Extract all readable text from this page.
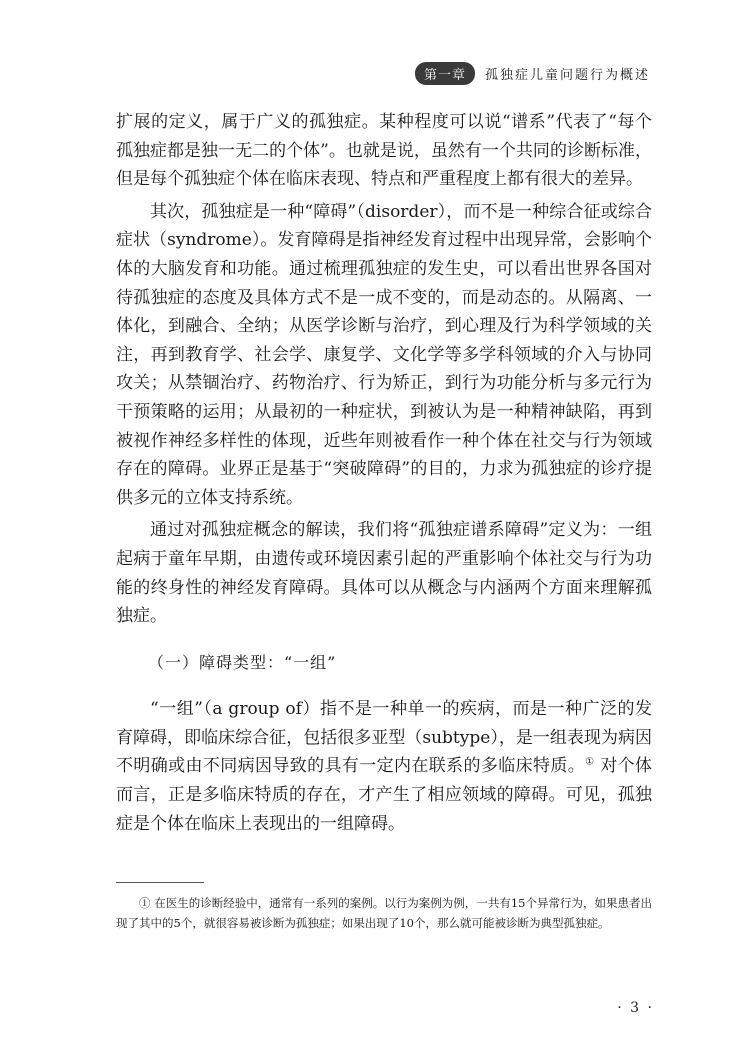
第一章	孤独症儿童问题行为概述

扩展的定义，属于广义的孤独症。某种程度可以说“谱系”代表了“每个孤独症都是独一无二的个体”。也就是说，虽然有一个共同的诊断标准，但是每个孤独症个体在临床表现、特点和严重程度上都有很大的差异。

其次，孤独症是一种“障碍”（disorder），而不是一种综合征或综合症状（syndrome）。发育障碍是指神经发育过程中出现异常，会影响个体的大脑发育和功能。通过梳理孤独症的发生史，可以看出世界各国对待孤独症的态度及具体方式不是一成不变的，而是动态的。从隔离、一体化，到融合、全纳；从医学诊断与治疗，到心理及行为科学领域的关注，再到教育学、社会学、康复学、文化学等多学科领域的介入与协同攻关；从禁锢治疗、药物治疗、行为矫正，到行为功能分析与多元行为干预策略的运用；从最初的一种症状，到被认为是一种精神缺陷，再到被视作神经多样性的体现，近些年则被看作一种个体在社交与行为领域存在的障碍。业界正是基于“突破障碍”的目的，力求为孤独症的诊疗提供多元的立体支持系统。

通过对孤独症概念的解读，我们将“孤独症谱系障碍”定义为：一组起病于童年早期，由遗传或环境因素引起的严重影响个体社交与行为功能的终身性的神经发育障碍。具体可以从概念与内涵两个方面来理解孤独症。

（一）障碍类型：“一组”

“一组”（a group of）指不是一种单一的疾病，而是一种广泛的发育障碍，即临床综合征，包括很多亚型（subtype），是一组表现为病因不明确或由不同病因导致的具有一定内在联系的多临床特质。① 对个体而言，正是多临床特质的存在，才产生了相应领域的障碍。可见，孤独症是个体在临床上表现出的一组障碍。

① 在医生的诊断经验中，通常有一系列的案例。以行为案例为例，一共有15个异常行为，如果患者出现了其中的5个，就很容易被诊断为孤独症；如果出现了10个，那么就可能被诊断为典型孤独症。
· 3 ·
